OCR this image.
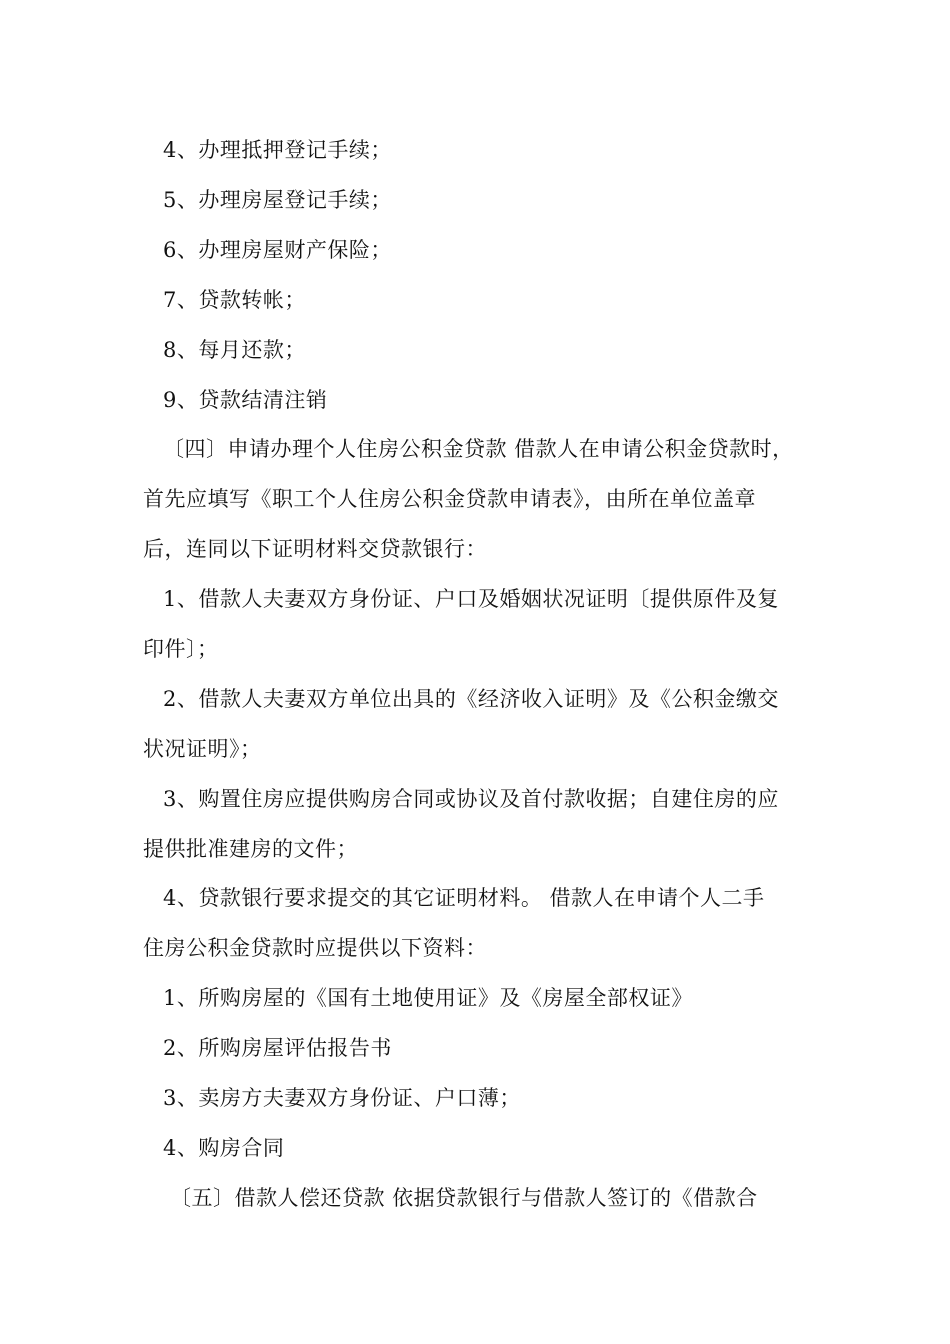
4、办理抵押登记手续；
5、办理房屋登记手续；
6、办理房屋财产保险；
7、贷款转帐；
8、每月还款；
9、贷款结清注销
〔四〕申请办理个人住房公积金贷款 借款人在申请公积金贷款时，
首先应填写《职工个人住房公积金贷款申请表》，由所在单位盖章
后，连同以下证明材料交贷款银行：
1、借款人夫妻双方身份证、户口及婚姻状况证明〔提供原件及复
印件〕；
2、借款人夫妻双方单位出具的《经济收入证明》及《公积金缴交
状况证明》；
3、购置住房应提供购房合同或协议及首付款收据；自建住房的应
提供批准建房的文件；
4、贷款银行要求提交的其它证明材料。 借款人在申请个人二手
住房公积金贷款时应提供以下资料：
1、所购房屋的《国有土地使用证》及《房屋全部权证》
2、所购房屋评估报告书
3、卖房方夫妻双方身份证、户口薄；
4、购房合同
〔五〕借款人偿还贷款 依据贷款银行与借款人签订的《借款合
